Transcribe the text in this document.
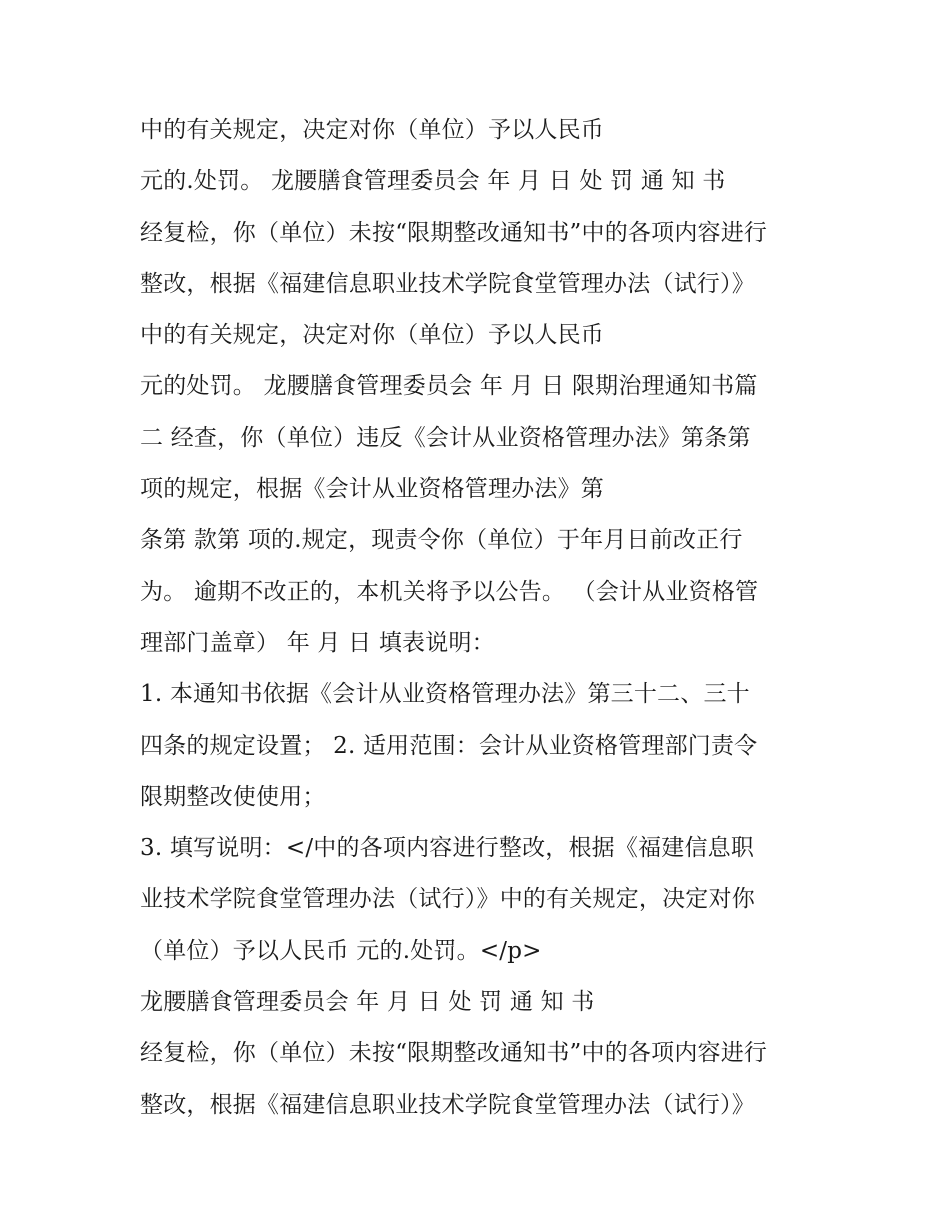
中的有关规定，决定对你（单位）予以人民币
元的.处罚。 龙腰膳食管理委员会 年 月 日 处 罚 通 知 书
经复检，你（单位）未按“限期整改通知书”中的各项内容进行
整改，根据《福建信息职业技术学院食堂管理办法（试行）》
中的有关规定，决定对你（单位）予以人民币
元的处罚。 龙腰膳食管理委员会 年 月 日 限期治理通知书篇
二 经查，你（单位）违反《会计从业资格管理办法》第条第
项的规定，根据《会计从业资格管理办法》第
条第 款第 项的.规定，现责令你（单位）于年月日前改正行
为。 逾期不改正的，本机关将予以公告。 （会计从业资格管
理部门盖章） 年 月 日 填表说明：
1. 本通知书依据《会计从业资格管理办法》第三十二、三十
四条的规定设置； 2. 适用范围：会计从业资格管理部门责令
限期整改使使用；
3. 填写说明：</中的各项内容进行整改，根据《福建信息职
业技术学院食堂管理办法（试行）》中的有关规定，决定对你
（单位）予以人民币 元的.处罚。</p>
龙腰膳食管理委员会 年 月 日 处 罚 通 知 书
经复检，你（单位）未按“限期整改通知书”中的各项内容进行
整改，根据《福建信息职业技术学院食堂管理办法（试行）》
